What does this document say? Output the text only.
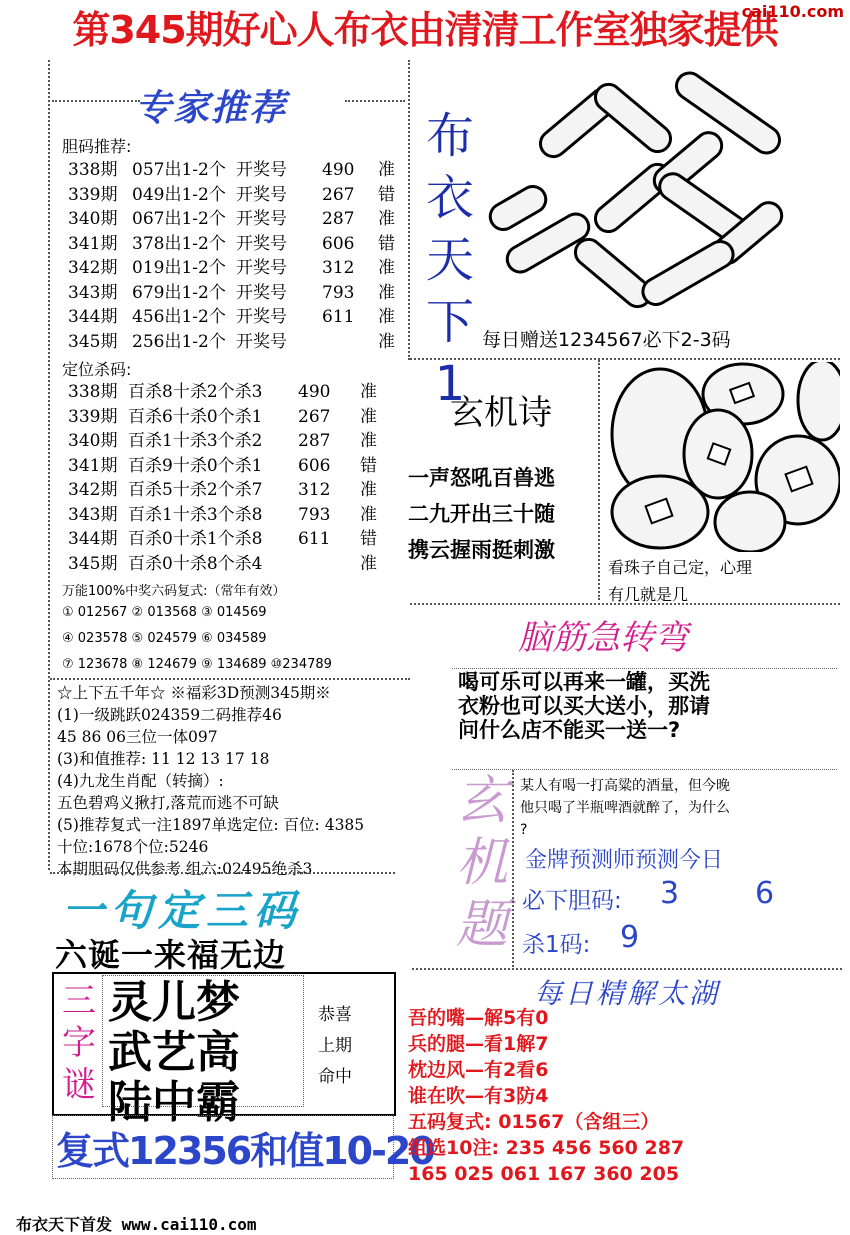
第345期好心人布衣由清清工作室独家提供
cai110.com
专家推荐
胆码推荐:
338期 057出1-2个 开奖号 490 准
339期 049出1-2个 开奖号 267 错
340期 067出1-2个 开奖号 287 准
341期 378出1-2个 开奖号 606 错
342期 019出1-2个 开奖号 312 准
343期 679出1-2个 开奖号 793 准
344期 456出1-2个 开奖号 611 准
345期 256出1-2个 开奖号	准
定位杀码:
338期 百杀8十杀2个杀3 490 准
339期 百杀6十杀0个杀1 267 准
340期 百杀1十杀3个杀2 287 准
341期 百杀9十杀0个杀1 606 错
342期 百杀5十杀2个杀7 312 准
343期 百杀1十杀3个杀8 793 准
344期 百杀0十杀1个杀8 611 错
345期 百杀0十杀8个杀4	准
万能100%中奖六码复式:（常年有效）
① 012567 ② 013568 ③ 014569
④ 023578 ⑤ 024579 ⑥ 034589
⑦ 123678 ⑧ 124679 ⑨ 134689 ⑩234789
☆上下五千年☆ ※福彩3D预测345期※
(1)一级跳跃024359二码推荐46
45 86 06三位一体097
(3)和值推荐: 11 12 13 17 18
(4)九龙生肖配（转摘）:
五色碧鸡义揪打,落荒而逃不可缺
(5)推荐复式一注1897单选定位: 百位: 4385
十位:1678个位:5246
本期胆码仅供参考 组六:02495绝杀3
一句定三码
六诞一来福无边
三
字
谜
灵儿梦
武艺高
陆中霸
恭喜
上期
命中
复式12356和值10-20
布衣天下首发 www.cai110.com
布
衣
天
下
1
每日赠送1234567必下2-3码
玄机诗
一声怒吼百兽逃
二九开出三十随
携云握雨挺刺激
看珠子自己定，心理
有几就是几
脑筋急转弯
喝可乐可以再来一罐，买洗
衣粉也可以买大送小，那请
问什么店不能买一送一?
玄
机
题
某人有喝一打高粱的酒量，但今晚
他只喝了半瓶啤酒就醉了，为什么
?
金牌预测师预测今日
必下胆码: 3	6
杀1码: 9
每日精解太湖
吾的嘴—解5有0
兵的腿—看1解7
枕边风—有2看6
谁在吹—有3防4
五码复式: 01567（含组三）
组选10注: 235 456 560 287
165 025 061 167 360 205
